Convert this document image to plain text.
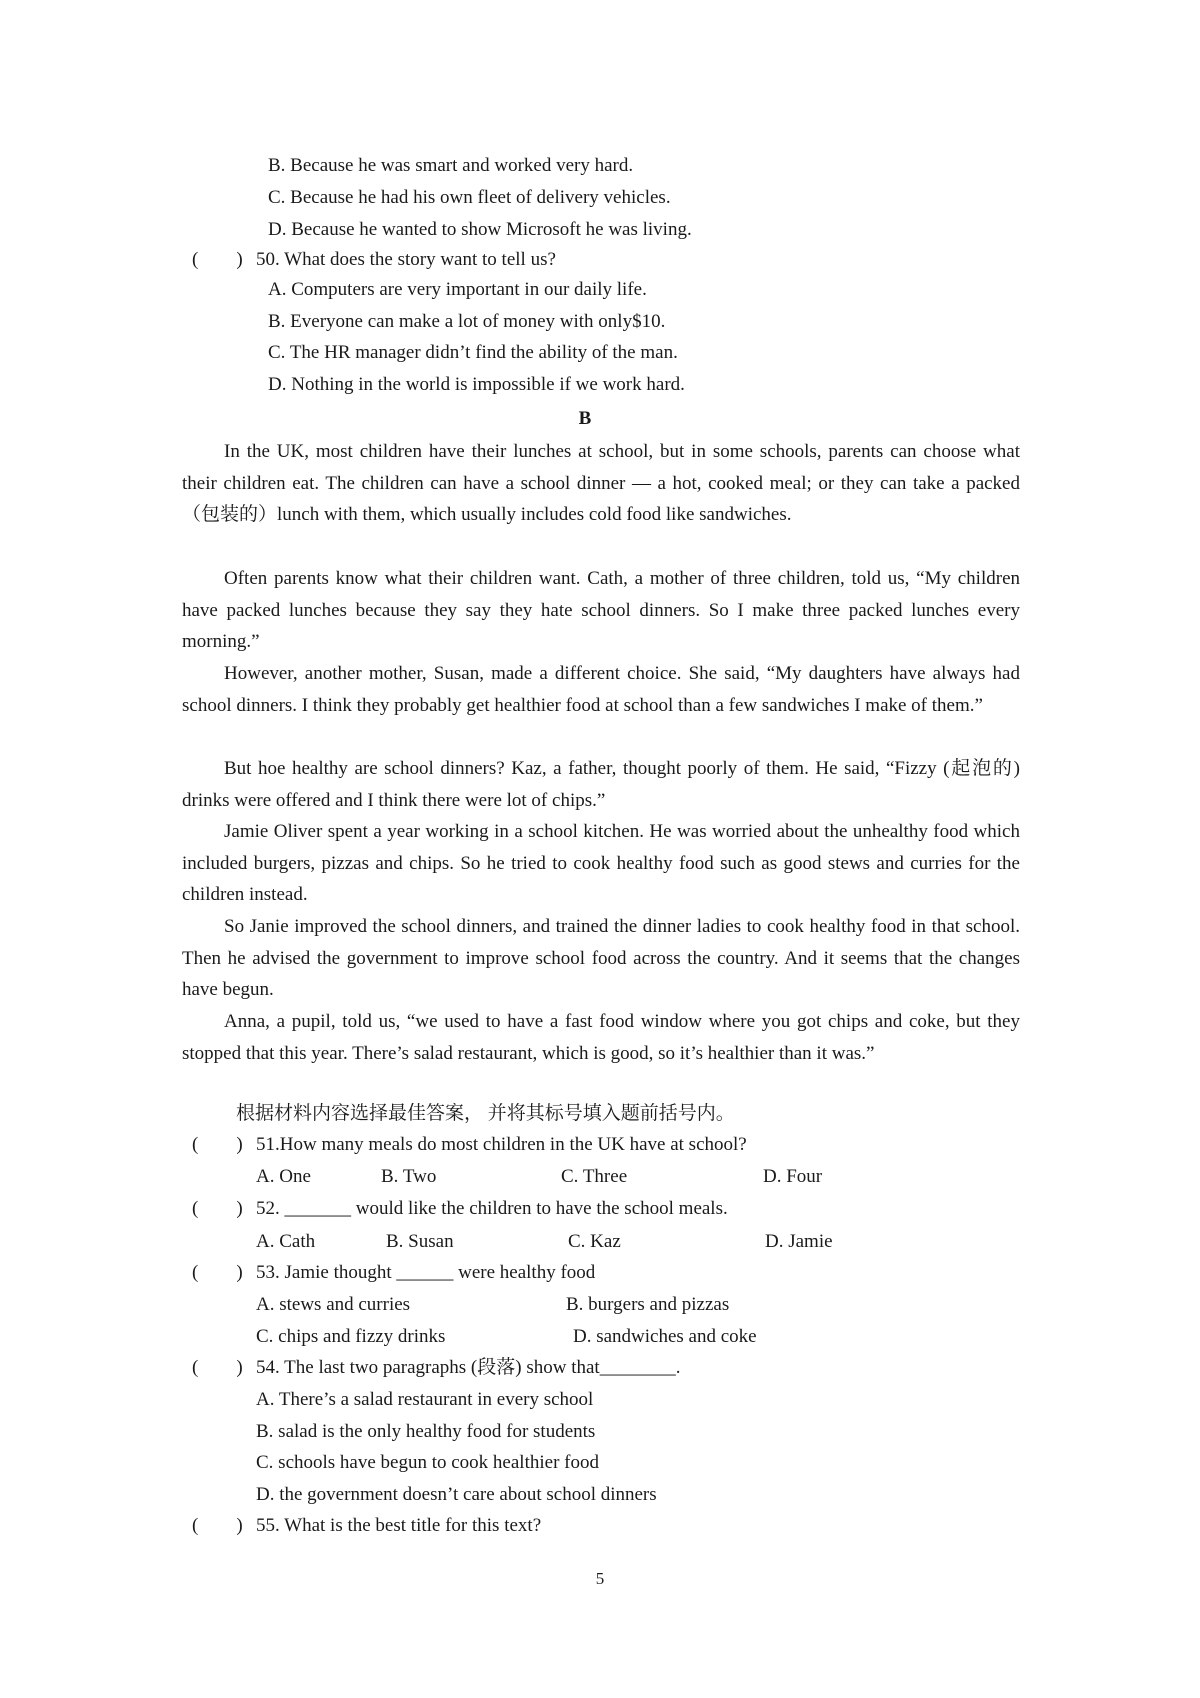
B. Because he was smart and worked very hard.
C. Because he had his own fleet of delivery vehicles.
D. Because he wanted to show Microsoft he was living.
(　　) 50. What does the story want to tell us?
A. Computers are very important in our daily life.
B. Everyone can make a lot of money with only$10.
C. The HR manager didn’t find the ability of the man.
D. Nothing in the world is impossible if we work hard.
B
In the UK, most children have their lunches at school, but in some schools, parents can choose what their children eat. The children can have a school dinner — a hot, cooked meal; or they can take a packed （包装的）lunch with them, which usually includes cold food like sandwiches.
Often parents know what their children want. Cath, a mother of three children, told us, “My children have packed lunches because they say they hate school dinners. So I make three packed lunches every morning.”
However, another mother, Susan, made a different choice. She said, “My daughters have always had school dinners. I think they probably get healthier food at school than a few sandwiches I make of them.”
But hoe healthy are school dinners? Kaz, a father, thought poorly of them. He said, “Fizzy (起泡的) drinks were offered and I think there were lot of chips.”
Jamie Oliver spent a year working in a school kitchen. He was worried about the unhealthy food which included burgers, pizzas and chips. So he tried to cook healthy food such as good stews and curries for the children instead.
So Janie improved the school dinners, and trained the dinner ladies to cook healthy food in that school. Then he advised the government to improve school food across the country. And it seems that the changes have begun.
Anna, a pupil, told us, “we used to have a fast food window where you got chips and coke, but they stopped that this year. There’s salad restaurant, which is good, so it’s healthier than it was.”
根据材料内容选择最佳答案， 并将其标号填入题前括号内。
(　　) 51.How many meals do most children in the UK have at school?
A. One	B. Two	C. Three	D. Four
(　　) 52. _______ would like the children to have the school meals.
A. Cath	B. Susan	C. Kaz	D. Jamie
(　　) 53. Jamie thought ______ were healthy food
A. stews and curries	B. burgers and pizzas
C. chips and fizzy drinks	D. sandwiches and coke
(　　) 54. The last two paragraphs (段落) show that________.
A. There’s a salad restaurant in every school
B. salad is the only healthy food for students
C. schools have begun to cook healthier food
D. the government doesn’t care about school dinners
(　　) 55. What is the best title for this text?
5
